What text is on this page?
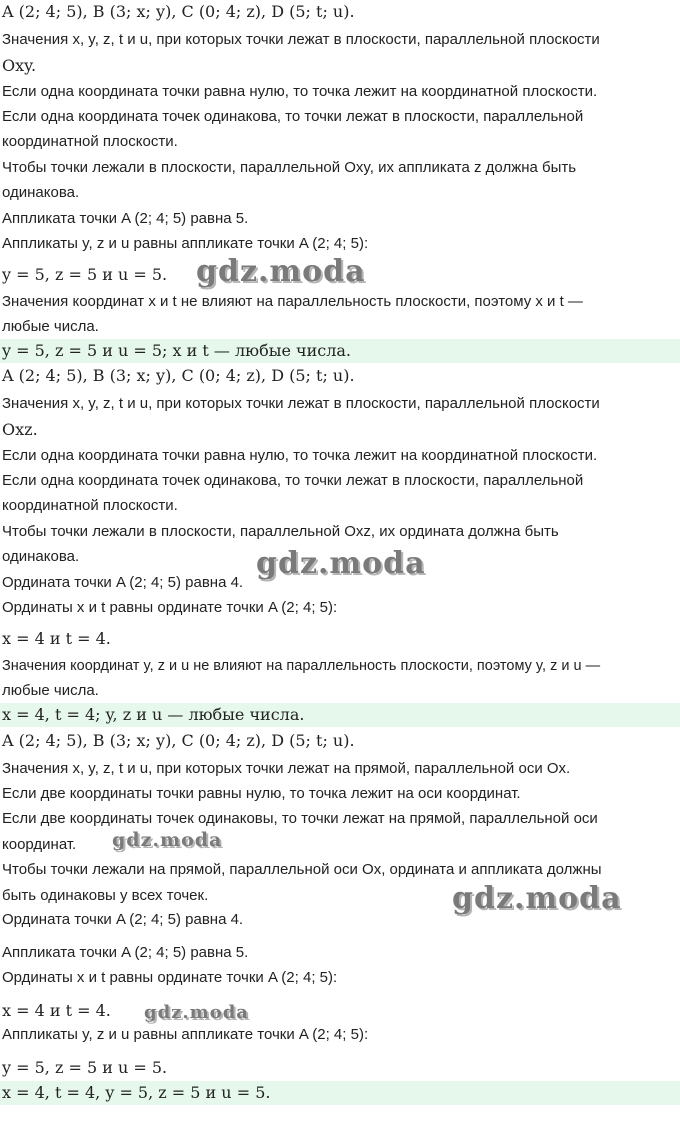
A (2; 4; 5), B (3; x; y), C (0; 4; z), D (5; t; u).
Значения x, y, z, t и u, при которых точки лежат в плоскости, параллельной плоскости
Oxy.
Если одна координата точки равна нулю, то точка лежит на координатной плоскости.
Если одна координата точек одинакова, то точки лежат в плоскости, параллельной
координатной плоскости.
Чтобы точки лежали в плоскости, параллельной Oxy, их аппликата z должна быть
одинакова.
Аппликата точки A (2; 4; 5) равна 5.
Аппликаты y, z и u равны аппликате точки A (2; 4; 5):
y = 5, z = 5 и u = 5.
Значения координат x и t не влияют на параллельность плоскости, поэтому x и t —
любые числа.
y = 5, z = 5 и u = 5; x и t — любые числа.
A (2; 4; 5), B (3; x; y), C (0; 4; z), D (5; t; u).
Значения x, y, z, t и u, при которых точки лежат в плоскости, параллельной плоскости
Oxz.
Если одна координата точки равна нулю, то точка лежит на координатной плоскости.
Если одна координата точек одинакова, то точки лежат в плоскости, параллельной
координатной плоскости.
Чтобы точки лежали в плоскости, параллельной Oxz, их ордината должна быть
одинакова.
Ордината точки A (2; 4; 5) равна 4.
Ординаты x и t равны ординате точки A (2; 4; 5):
x = 4 и t = 4.
Значения координат y, z и u не влияют на параллельность плоскости, поэтому y, z и u —
любые числа.
x = 4, t = 4; y, z и u — любые числа.
A (2; 4; 5), B (3; x; y), C (0; 4; z), D (5; t; u).
Значения x, y, z, t и u, при которых точки лежат на прямой, параллельной оси Ox.
Если две координаты точки равны нулю, то точка лежит на оси координат.
Если две координаты точек одинаковы, то точки лежат на прямой, параллельной оси
координат.
Чтобы точки лежали на прямой, параллельной оси Ox, ордината и аппликата должны
быть одинаковы у всех точек.
Ордината точки A (2; 4; 5) равна 4.
Аппликата точки A (2; 4; 5) равна 5.
Ординаты x и t равны ординате точки A (2; 4; 5):
x = 4 и t = 4.
Аппликаты y, z и u равны аппликате точки A (2; 4; 5):
y = 5, z = 5 и u = 5.
x = 4, t = 4, y = 5, z = 5 и u = 5.
gdz.moda
gdz.moda
gdz.moda
gdz.moda
gdz.moda
